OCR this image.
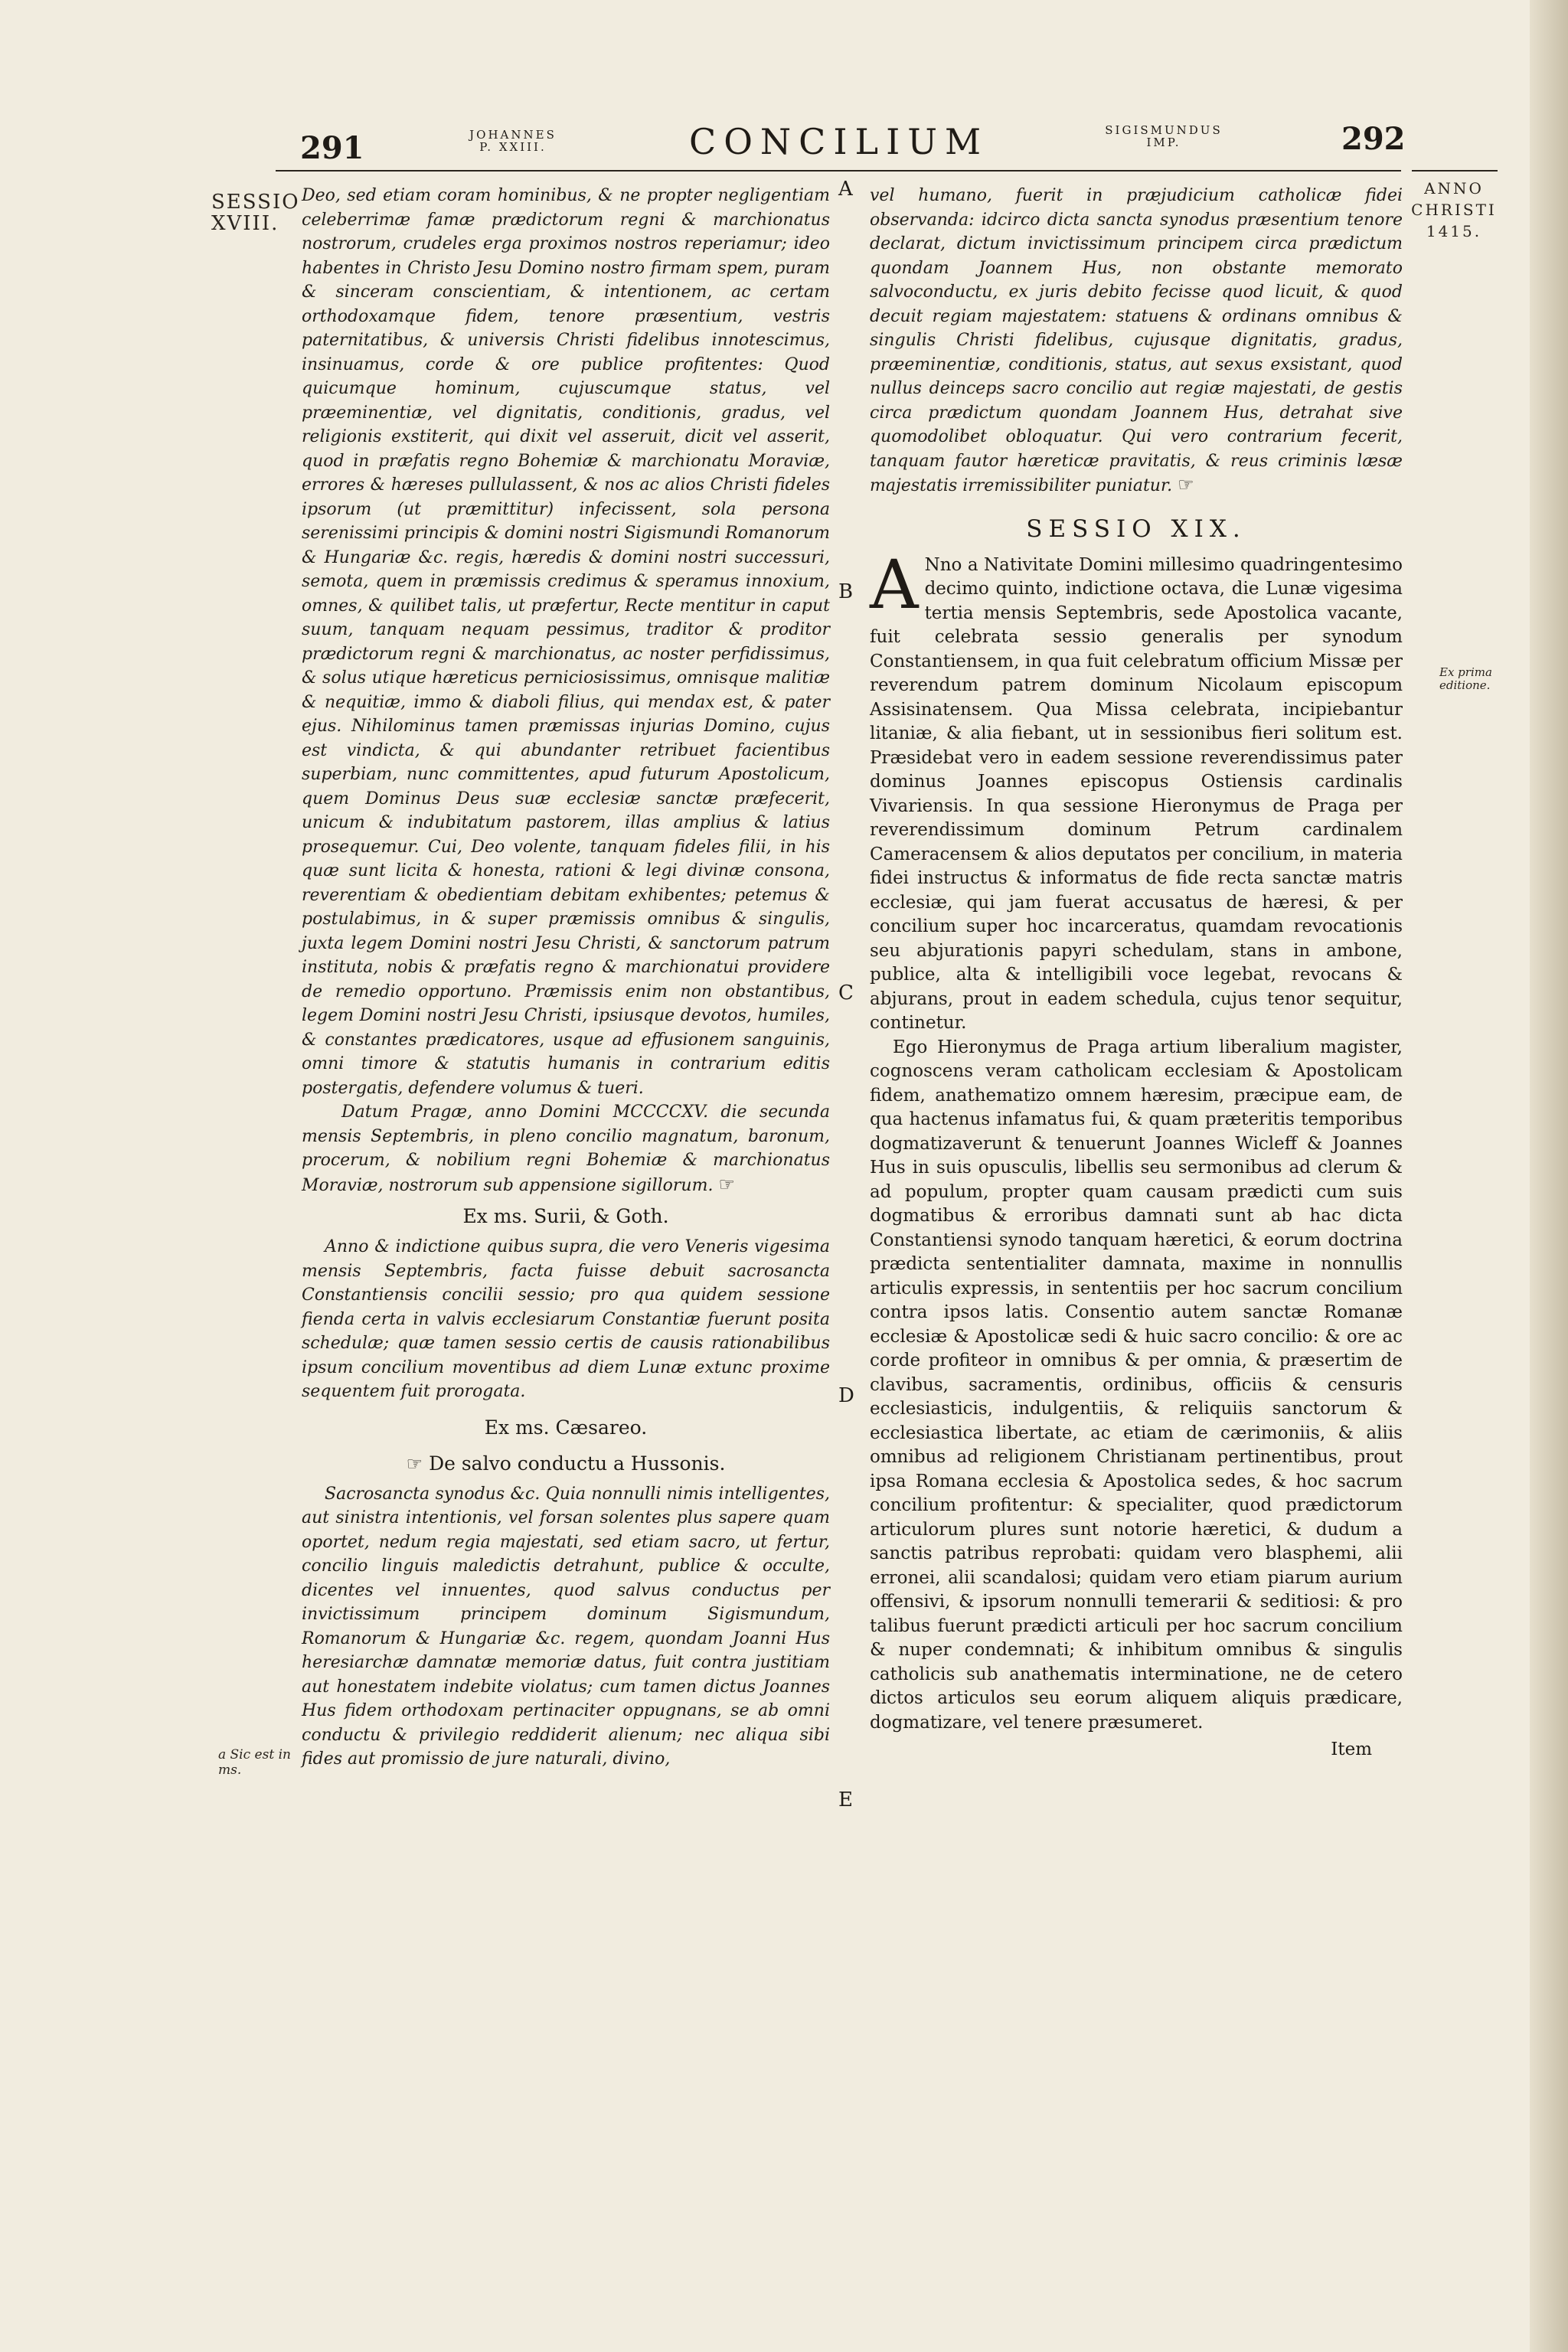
291	JOHANNES
P. XXIII.	CONCILIUM	SIGISMUNDUS
IMP.	292
SESSIO
XVIII.
ANNO
CHRISTI
1415.
Ex prima
editione.
a Sic est in
ms.
A
B
C
D
E

Deo, sed etiam coram hominibus, & ne propter negligentiam celeberrimæ famæ prædictorum regni & marchionatus nostrorum, crudeles erga proximos nostros reperiamur; ideo habentes in Christo Jesu Domino nostro firmam spem, puram & sinceram conscientiam, & intentionem, ac certam orthodoxamque fidem, tenore præsentium, vestris paternitatibus, & universis Christi fidelibus innotescimus, insinuamus, corde & ore publice profitentes: Quod quicumque hominum, cujuscumque status, vel præeminentiæ, vel dignitatis, conditionis, gradus, vel religionis exstiterit, qui dixit vel asseruit, dicit vel asserit, quod in præfatis regno Bohemiæ & marchionatu Moraviæ, errores & hæreses pullulassent, & nos ac alios Christi fideles ipsorum (ut præmittitur) infecissent, sola persona serenissimi principis & domini nostri Sigismundi Romanorum & Hungariæ &c. regis, hæredis & domini nostri successuri, semota, quem in præmissis credimus & speramus innoxium, omnes, & quilibet talis, ut præfertur, Recte mentitur in caput suum, tanquam nequam pessimus, traditor & proditor prædictorum regni & marchionatus, ac noster perfidissimus, & solus utique hæreticus perniciosissimus, omnisque malitiæ & nequitiæ, immo & diaboli filius, qui mendax est, & pater ejus. Nihilominus tamen præmissas injurias Domino, cujus est vindicta, & qui abundanter retribuet facientibus superbiam, nunc committentes, apud futurum Apostolicum, quem Dominus Deus suæ ecclesiæ sanctæ præfecerit, unicum & indubitatum pastorem, illas amplius & latius prosequemur. Cui, Deo volente, tanquam fideles filii, in his quæ sunt licita & honesta, rationi & legi divinæ consona, reverentiam & obedientiam debitam exhibentes; petemus & postulabimus, in & super præmissis omnibus & singulis, juxta legem Domini nostri Jesu Christi, & sanctorum patrum instituta, nobis & præfatis regno & marchionatui providere de remedio opportuno. Præmissis enim non obstantibus, legem Domini nostri Jesu Christi, ipsiusque devotos, humiles, & constantes prædicatores, usque ad effusionem sanguinis, omni timore & statutis humanis in contrarium editis postergatis, defendere volumus & tueri.

Datum Pragæ, anno Domini MCCCCXV. die secunda mensis Septembris, in pleno concilio magnatum, baronum, procerum, & nobilium regni Bohemiæ & marchionatus Moraviæ, nostrorum sub appensione sigillorum. ☞

Ex ms. Surii, & Goth.

Anno & indictione quibus supra, die vero Veneris vigesima mensis Septembris, facta fuisse debuit sacrosancta Constantiensis concilii sessio; pro qua quidem sessione fienda certa in valvis ecclesiarum Constantiæ fuerunt posita schedulæ; quæ tamen sessio certis de causis rationabilibus ipsum concilium moventibus ad diem Lunæ extunc proxime sequentem fuit prorogata.

Ex ms. Cæsareo.

☞ De salvo conductu a Hussonis.

Sacrosancta synodus &c. Quia nonnulli nimis intelligentes, aut sinistra intentionis, vel forsan solentes plus sapere quam oportet, nedum regia majestati, sed etiam sacro, ut fertur, concilio linguis maledictis detrahunt, publice & occulte, dicentes vel innuentes, quod salvus conductus per invictissimum principem dominum Sigismundum, Romanorum & Hungariæ &c. regem, quondam Joanni Hus heresiarchæ damnatæ memoriæ datus, fuit contra justitiam aut honestatem indebite violatus; cum tamen dictus Joannes Hus fidem orthodoxam pertinaciter oppugnans, se ab omni conductu & privilegio reddiderit alienum; nec aliqua sibi fides aut promissio de jure naturali, divino,

vel humano, fuerit in præjudicium catholicæ fidei observanda: idcirco dicta sancta synodus præsentium tenore declarat, dictum invictissimum principem circa prædictum quondam Joannem Hus, non obstante memorato salvoconductu, ex juris debito fecisse quod licuit, & quod decuit regiam majestatem: statuens & ordinans omnibus & singulis Christi fidelibus, cujusque dignitatis, gradus, præeminentiæ, conditionis, status, aut sexus exsistant, quod nullus deinceps sacro concilio aut regiæ majestati, de gestis circa prædictum quondam Joannem Hus, detrahat sive quomodolibet obloquatur. Qui vero contrarium fecerit, tanquam fautor hæreticæ pravitatis, & reus criminis læsæ majestatis irremissibiliter puniatur. ☞

SESSIO XIX.

A Nno a Nativitate Domini millesimo quadringentesimo decimo quinto, indictione octava, die Lunæ vigesima tertia mensis Septembris, sede Apostolica vacante, fuit celebrata sessio generalis per synodum Constantiensem, in qua fuit celebratum officium Missæ per reverendum patrem dominum Nicolaum episcopum Assisinatensem. Qua Missa celebrata, incipiebantur litaniæ, & alia fiebant, ut in sessionibus fieri solitum est. Præsidebat vero in eadem sessione reverendissimus pater dominus Joannes episcopus Ostiensis cardinalis Vivariensis. In qua sessione Hieronymus de Praga per reverendissimum dominum Petrum cardinalem Cameracensem & alios deputatos per concilium, in materia fidei instructus & informatus de fide recta sanctæ matris ecclesiæ, qui jam fuerat accusatus de hæresi, & per concilium super hoc incarceratus, quamdam revocationis seu abjurationis papyri schedulam, stans in ambone, publice, alta & intelligibili voce legebat, revocans & abjurans, prout in eadem schedula, cujus tenor sequitur, continetur.

Ego Hieronymus de Praga artium liberalium magister, cognoscens veram catholicam ecclesiam & Apostolicam fidem, anathematizo omnem hæresim, præcipue eam, de qua hactenus infamatus fui, & quam præteritis temporibus dogmatizaverunt & tenuerunt Joannes Wicleff & Joannes Hus in suis opusculis, libellis seu sermonibus ad clerum & ad populum, propter quam causam prædicti cum suis dogmatibus & erroribus damnati sunt ab hac dicta Constantiensi synodo tanquam hæretici, & eorum doctrina prædicta sententialiter damnata, maxime in nonnullis articulis expressis, in sententiis per hoc sacrum concilium contra ipsos latis. Consentio autem sanctæ Romanæ ecclesiæ & Apostolicæ sedi & huic sacro concilio: & ore ac corde profiteor in omnibus & per omnia, & præsertim de clavibus, sacramentis, ordinibus, officiis & censuris ecclesiasticis, indulgentiis, & reliquiis sanctorum & ecclesiastica libertate, ac etiam de cærimoniis, & aliis omnibus ad religionem Christianam pertinentibus, prout ipsa Romana ecclesia & Apostolica sedes, & hoc sacrum concilium profitentur: & specialiter, quod prædictorum articulorum plures sunt notorie hæretici, & dudum a sanctis patribus reprobati: quidam vero blasphemi, alii erronei, alii scandalosi; quidam vero etiam piarum aurium offensivi, & ipsorum nonnulli temerarii & seditiosi: & pro talibus fuerunt prædicti articuli per hoc sacrum concilium & nuper condemnati; & inhibitum omnibus & singulis catholicis sub anathematis interminatione, ne de cetero dictos articulos seu eorum aliquem aliquis prædicare, dogmatizare, vel tenere præsumeret.

Item
